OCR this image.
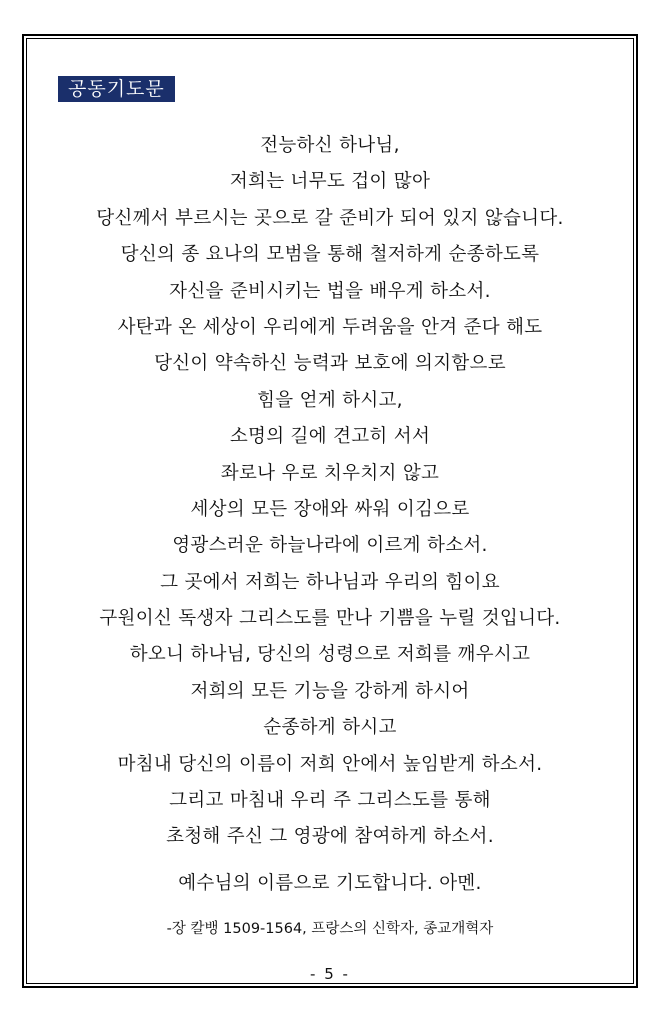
공동기도문
전능하신 하나님,
저희는 너무도 겁이 많아
당신께서 부르시는 곳으로 갈 준비가 되어 있지 않습니다.
당신의 종 요나의 모범을 통해 철저하게 순종하도록
자신을 준비시키는 법을 배우게 하소서.
사탄과 온 세상이 우리에게 두려움을 안겨 준다 해도
당신이 약속하신 능력과 보호에 의지함으로
힘을 얻게 하시고,
소명의 길에 견고히 서서
좌로나 우로 치우치지 않고
세상의 모든 장애와 싸워 이김으로
영광스러운 하늘나라에 이르게 하소서.
그 곳에서 저희는 하나님과 우리의 힘이요
구원이신 독생자 그리스도를 만나 기쁨을 누릴 것입니다.
하오니 하나님, 당신의 성령으로 저희를 깨우시고
저희의 모든 기능을 강하게 하시어
순종하게 하시고
마침내 당신의 이름이 저희 안에서 높임받게 하소서.
그리고 마침내 우리 주 그리스도를 통해
초청해 주신 그 영광에 참여하게 하소서.
예수님의 이름으로 기도합니다. 아멘.
-장 칼뱅 1509-1564, 프랑스의 신학자, 종교개혁자
- 5 -
